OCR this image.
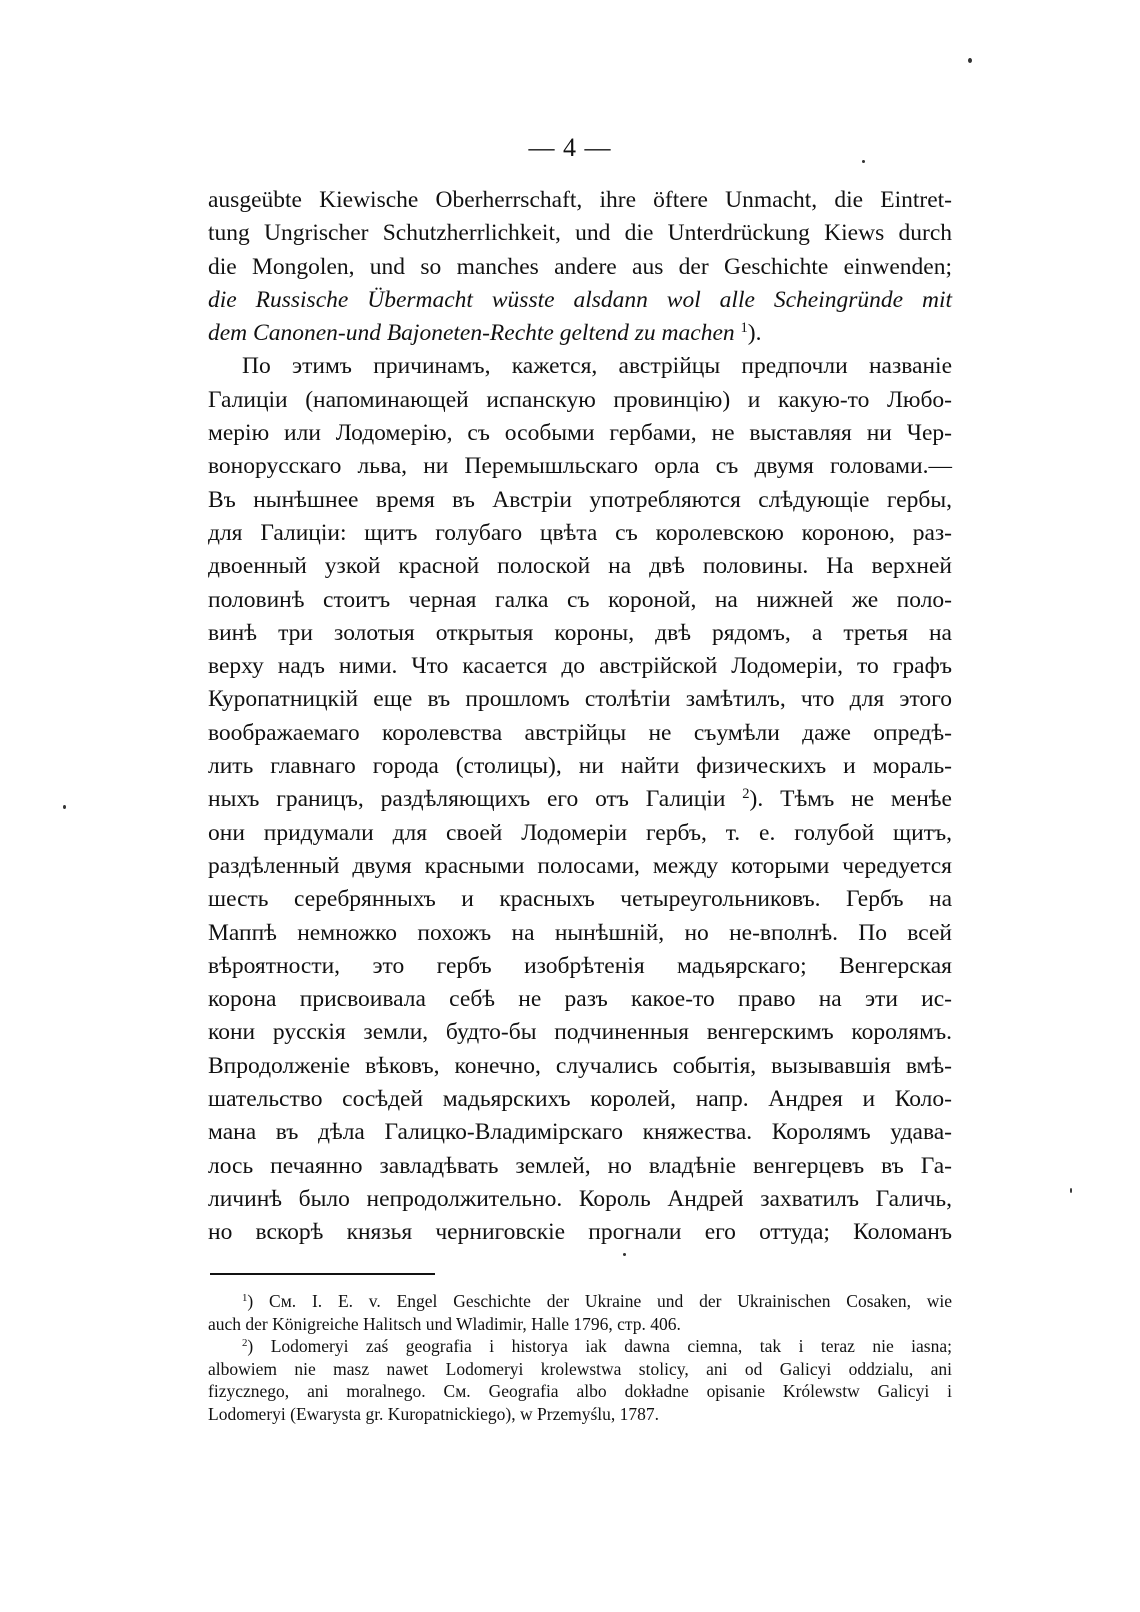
— 4 —

ausgeübte Kiewische Oberherrschaft, ihre öftere Unmacht, die Eintret-
tung Ungrischer Schutzherrlichkeit, und die Unterdrückung Kiews durch
die Mongolen, und so manches andere aus der Geschichte einwenden;
die Russische Übermacht wüsste alsdann wol alle Scheingründe mit
dem Canonen-und Bajoneten-Rechte geltend zu machen $^1$).

По этимъ причинамъ, кажется, австрійцы предпочли названіе
Галиціи (напоминающей испанскую провинцію) и какую-то Любо-
мерію или Лодомерію, съ особыми гербами, не выставляя ни Чер-
вонорусскаго льва, ни Перемышльскаго орла съ двумя головами.—
Въ нынѣшнее время въ Австріи употребляются слѣдующіе гербы,
для Галиціи: щитъ голубаго цвѣта съ королевскою короною, раз-
двоенный узкой красной полоской на двѣ половины. На верхней
половинѣ стоитъ черная галка съ короной, на нижней же поло-
винѣ три золотыя открытыя короны, двѣ рядомъ, а третья на
верху надъ ними. Что касается до австрійской Лодомеріи, то графъ
Куропатницкій еще въ прошломъ столѣтіи замѣтилъ, что для этого
воображаемаго королевства австрійцы не съумѣли даже опредѣ-
лить главнаго города (столицы), ни найти физическихъ и мораль-
ныхъ границъ, раздѣляющихъ его отъ Галиціи $^2$). Тѣмъ не менѣе
они придумали для своей Лодомеріи гербъ, т. е. голубой щитъ,
раздѣленный двумя красными полосами, между которыми чередуется
шесть серебрянныхъ и красныхъ четыреугольниковъ. Гербъ на
Маппѣ немножко похожъ на нынѣшній, но не-вполнѣ. По всей
вѣроятности, это гербъ изобрѣтенія мадьярскаго; Венгерская
корона присвоивала себѣ не разъ какое-то право на эти ис-
кони русскія земли, будто-бы подчиненныя венгерскимъ королямъ.
Впродолженіе вѣковъ, конечно, случались событія, вызывавшія вмѣ-
шательство сосѣдей мадьярскихъ королей, напр. Андрея и Коло-
мана въ дѣла Галицко-Владимірскаго княжества. Королямъ удава-
лось печаянно завладѣвать землей, но владѣніе венгерцевъ въ Га-
личинѣ было непродолжительно. Король Андрей захватилъ Галичь,
но вскорѣ князья черниговскіе прогнали его оттуда; Коломанъ

$^1$) См. I. E. v. Engel Geschichte der Ukraine und der Ukrainischen Cosaken, wie
auch der Königreiche Halitsch und Wladimir, Halle 1796, стр. 406.
$^2$) Lodomeryi zaś geografia i historya iak dawna ciemna, tak i teraz nie iasna;
albowiem nie masz nawet Lodomeryi krolewstwa stolicy, ani od Galicyi oddzialu, ani
fizycznego, ani moralnego. См. Geografia albo dokładne opisanie Królewstw Galicyi i
Lodomeryi (Ewarysta gr. Kuropatnickiego), w Przemyślu, 1787.
